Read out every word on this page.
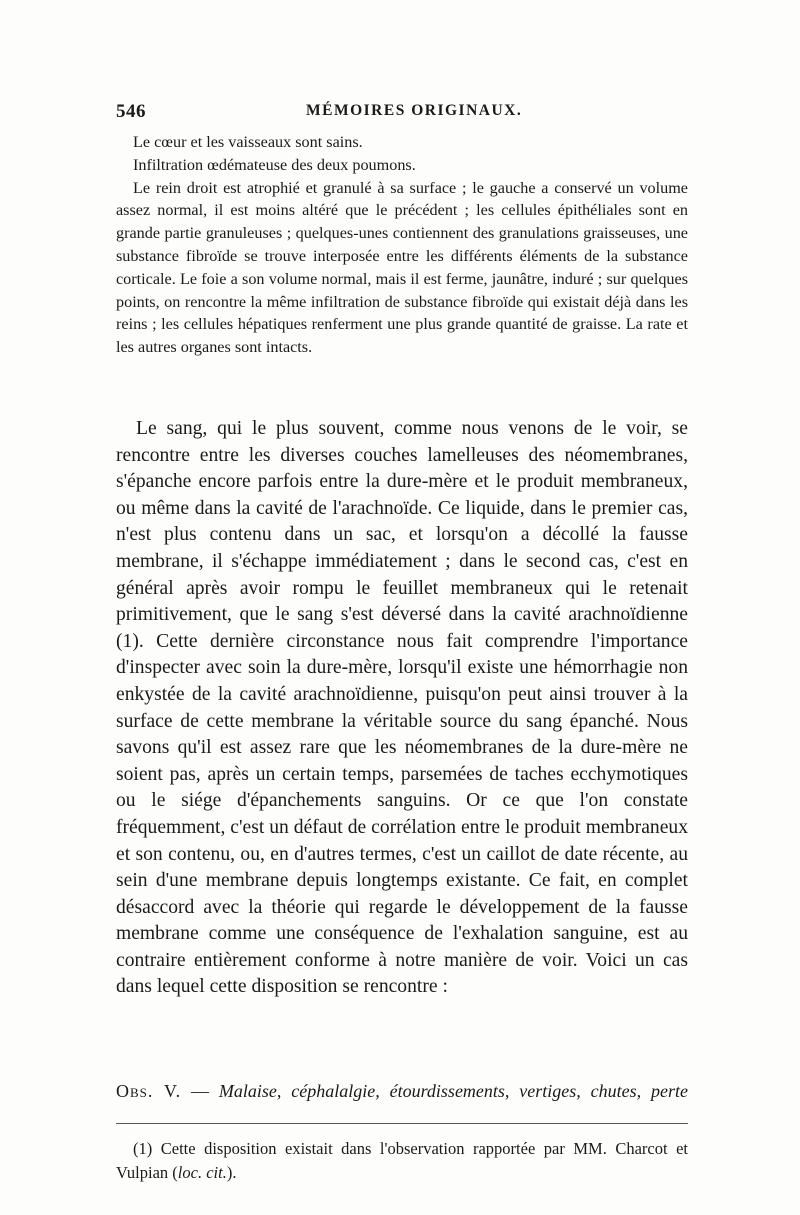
546	MÉMOIRES ORIGINAUX.

Le cœur et les vaisseaux sont sains.

Infiltration œdémateuse des deux poumons.

Le rein droit est atrophié et granulé à sa surface ; le gauche a conservé un volume assez normal, il est moins altéré que le précédent ; les cellules épithéliales sont en grande partie granuleuses ; quelques-unes contiennent des granulations graisseuses, une substance fibroïde se trouve interposée entre les différents éléments de la substance corticale. Le foie a son volume normal, mais il est ferme, jaunâtre, induré ; sur quelques points, on rencontre la même infiltration de substance fibroïde qui existait déjà dans les reins ; les cellules hépatiques renferment une plus grande quantité de graisse. La rate et les autres organes sont intacts.

Le sang, qui le plus souvent, comme nous venons de le voir, se rencontre entre les diverses couches lamelleuses des néomembranes, s'épanche encore parfois entre la dure-mère et le produit membraneux, ou même dans la cavité de l'arachnoïde. Ce liquide, dans le premier cas, n'est plus contenu dans un sac, et lorsqu'on a décollé la fausse membrane, il s'échappe immédiatement ; dans le second cas, c'est en général après avoir rompu le feuillet membraneux qui le retenait primitivement, que le sang s'est déversé dans la cavité arachnoïdienne (1). Cette dernière circonstance nous fait comprendre l'importance d'inspecter avec soin la dure-mère, lorsqu'il existe une hémorrhagie non enkystée de la cavité arachnoïdienne, puisqu'on peut ainsi trouver à la surface de cette membrane la véritable source du sang épanché. Nous savons qu'il est assez rare que les néomembranes de la dure-mère ne soient pas, après un certain temps, parsemées de taches ecchymotiques ou le siége d'épanchements sanguins. Or ce que l'on constate fréquemment, c'est un défaut de corrélation entre le produit membraneux et son contenu, ou, en d'autres termes, c'est un caillot de date récente, au sein d'une membrane depuis longtemps existante. Ce fait, en complet désaccord avec la théorie qui regarde le développement de la fausse membrane comme une conséquence de l'exhalation sanguine, est au contraire entièrement conforme à notre manière de voir. Voici un cas dans lequel cette disposition se rencontre :

Obs. V. — Malaise, céphalalgie, étourdissements, vertiges, chutes, perte

(1) Cette disposition existait dans l'observation rapportée par MM. Charcot et Vulpian (loc. cit.).
